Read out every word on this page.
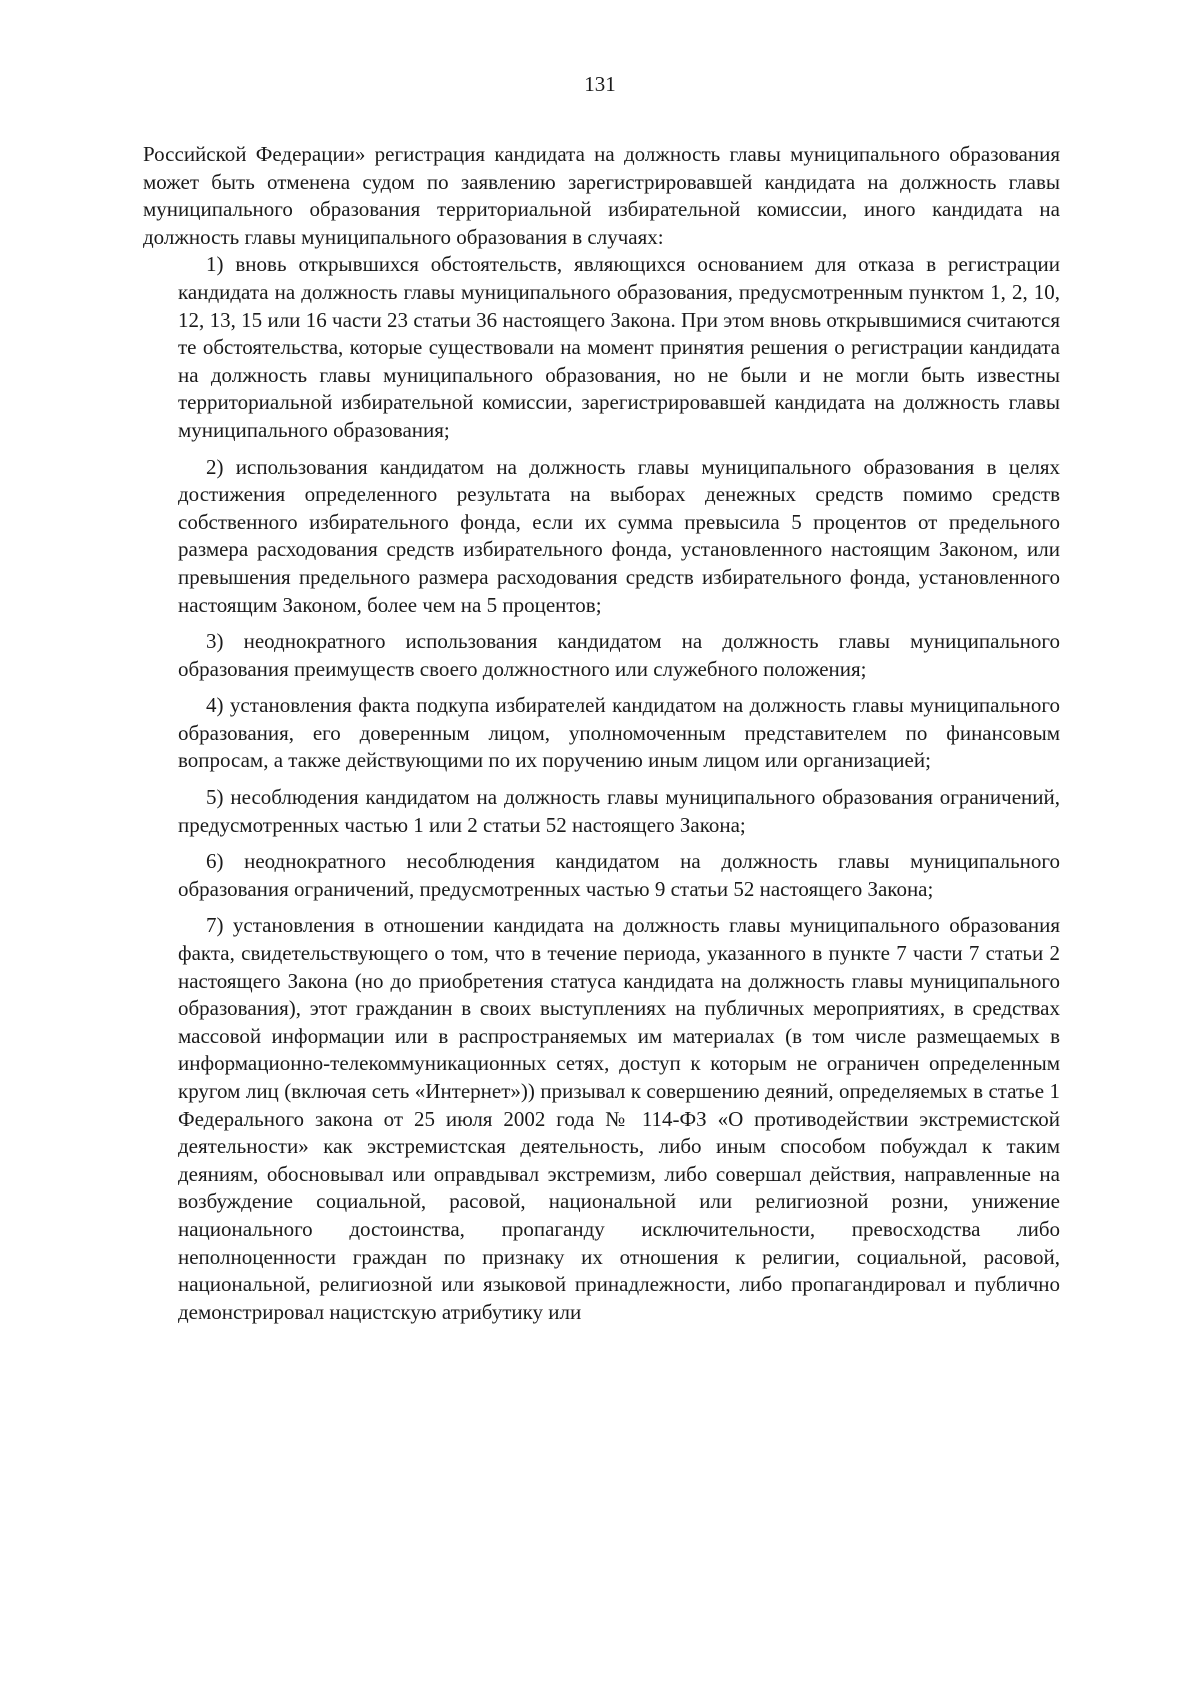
131

Российской Федерации» регистрация кандидата на должность главы муниципального образования может быть отменена судом по заявлению зарегистрировавшей кандидата на должность главы муниципального образования территориальной избирательной комиссии, иного кандидата на должность главы муниципального образования в случаях:

1) вновь открывшихся обстоятельств, являющихся основанием для отказа в регистрации кандидата на должность главы муниципального образования, предусмотренным пунктом 1, 2, 10, 12, 13, 15 или 16 части 23 статьи 36 настоящего Закона. При этом вновь открывшимися считаются те обстоятельства, которые существовали на момент принятия решения о регистрации кандидата на должность главы муниципального образования, но не были и не могли быть известны территориальной избирательной комиссии, зарегистрировавшей кандидата на должность главы муниципального образования;

2) использования кандидатом на должность главы муниципального образования в целях достижения определенного результата на выборах денежных средств помимо средств собственного избирательного фонда, если их сумма превысила 5 процентов от предельного размера расходования средств избирательного фонда, установленного настоящим Законом, или превышения предельного размера расходования средств избирательного фонда, установленного настоящим Законом, более чем на 5 процентов;

3) неоднократного использования кандидатом на должность главы муниципального образования преимуществ своего должностного или служебного положения;

4) установления факта подкупа избирателей кандидатом на должность главы муниципального образования, его доверенным лицом, уполномоченным представителем по финансовым вопросам, а также действующими по их поручению иным лицом или организацией;

5) несоблюдения кандидатом на должность главы муниципального образования ограничений, предусмотренных частью 1 или 2 статьи 52 настоящего Закона;

6) неоднократного несоблюдения кандидатом на должность главы муниципального образования ограничений, предусмотренных частью 9 статьи 52 настоящего Закона;

7) установления в отношении кандидата на должность главы муниципального образования факта, свидетельствующего о том, что в течение периода, указанного в пункте 7 части 7 статьи 2 настоящего Закона (но до приобретения статуса кандидата на должность главы муниципального образования), этот гражданин в своих выступлениях на публичных мероприятиях, в средствах массовой информации или в распространяемых им материалах (в том числе размещаемых в информационно-телекоммуникационных сетях, доступ к которым не ограничен определенным кругом лиц (включая сеть «Интернет»)) призывал к совершению деяний, определяемых в статье 1 Федерального закона от 25 июля 2002 года № 114-ФЗ «О противодействии экстремистской деятельности» как экстремистская деятельность, либо иным способом побуждал к таким деяниям, обосновывал или оправдывал экстремизм, либо совершал действия, направленные на возбуждение социальной, расовой, национальной или религиозной розни, унижение национального достоинства, пропаганду исключительности, превосходства либо неполноценности граждан по признаку их отношения к религии, социальной, расовой, национальной, религиозной или языковой принадлежности, либо пропагандировал и публично демонстрировал нацистскую атрибутику или
